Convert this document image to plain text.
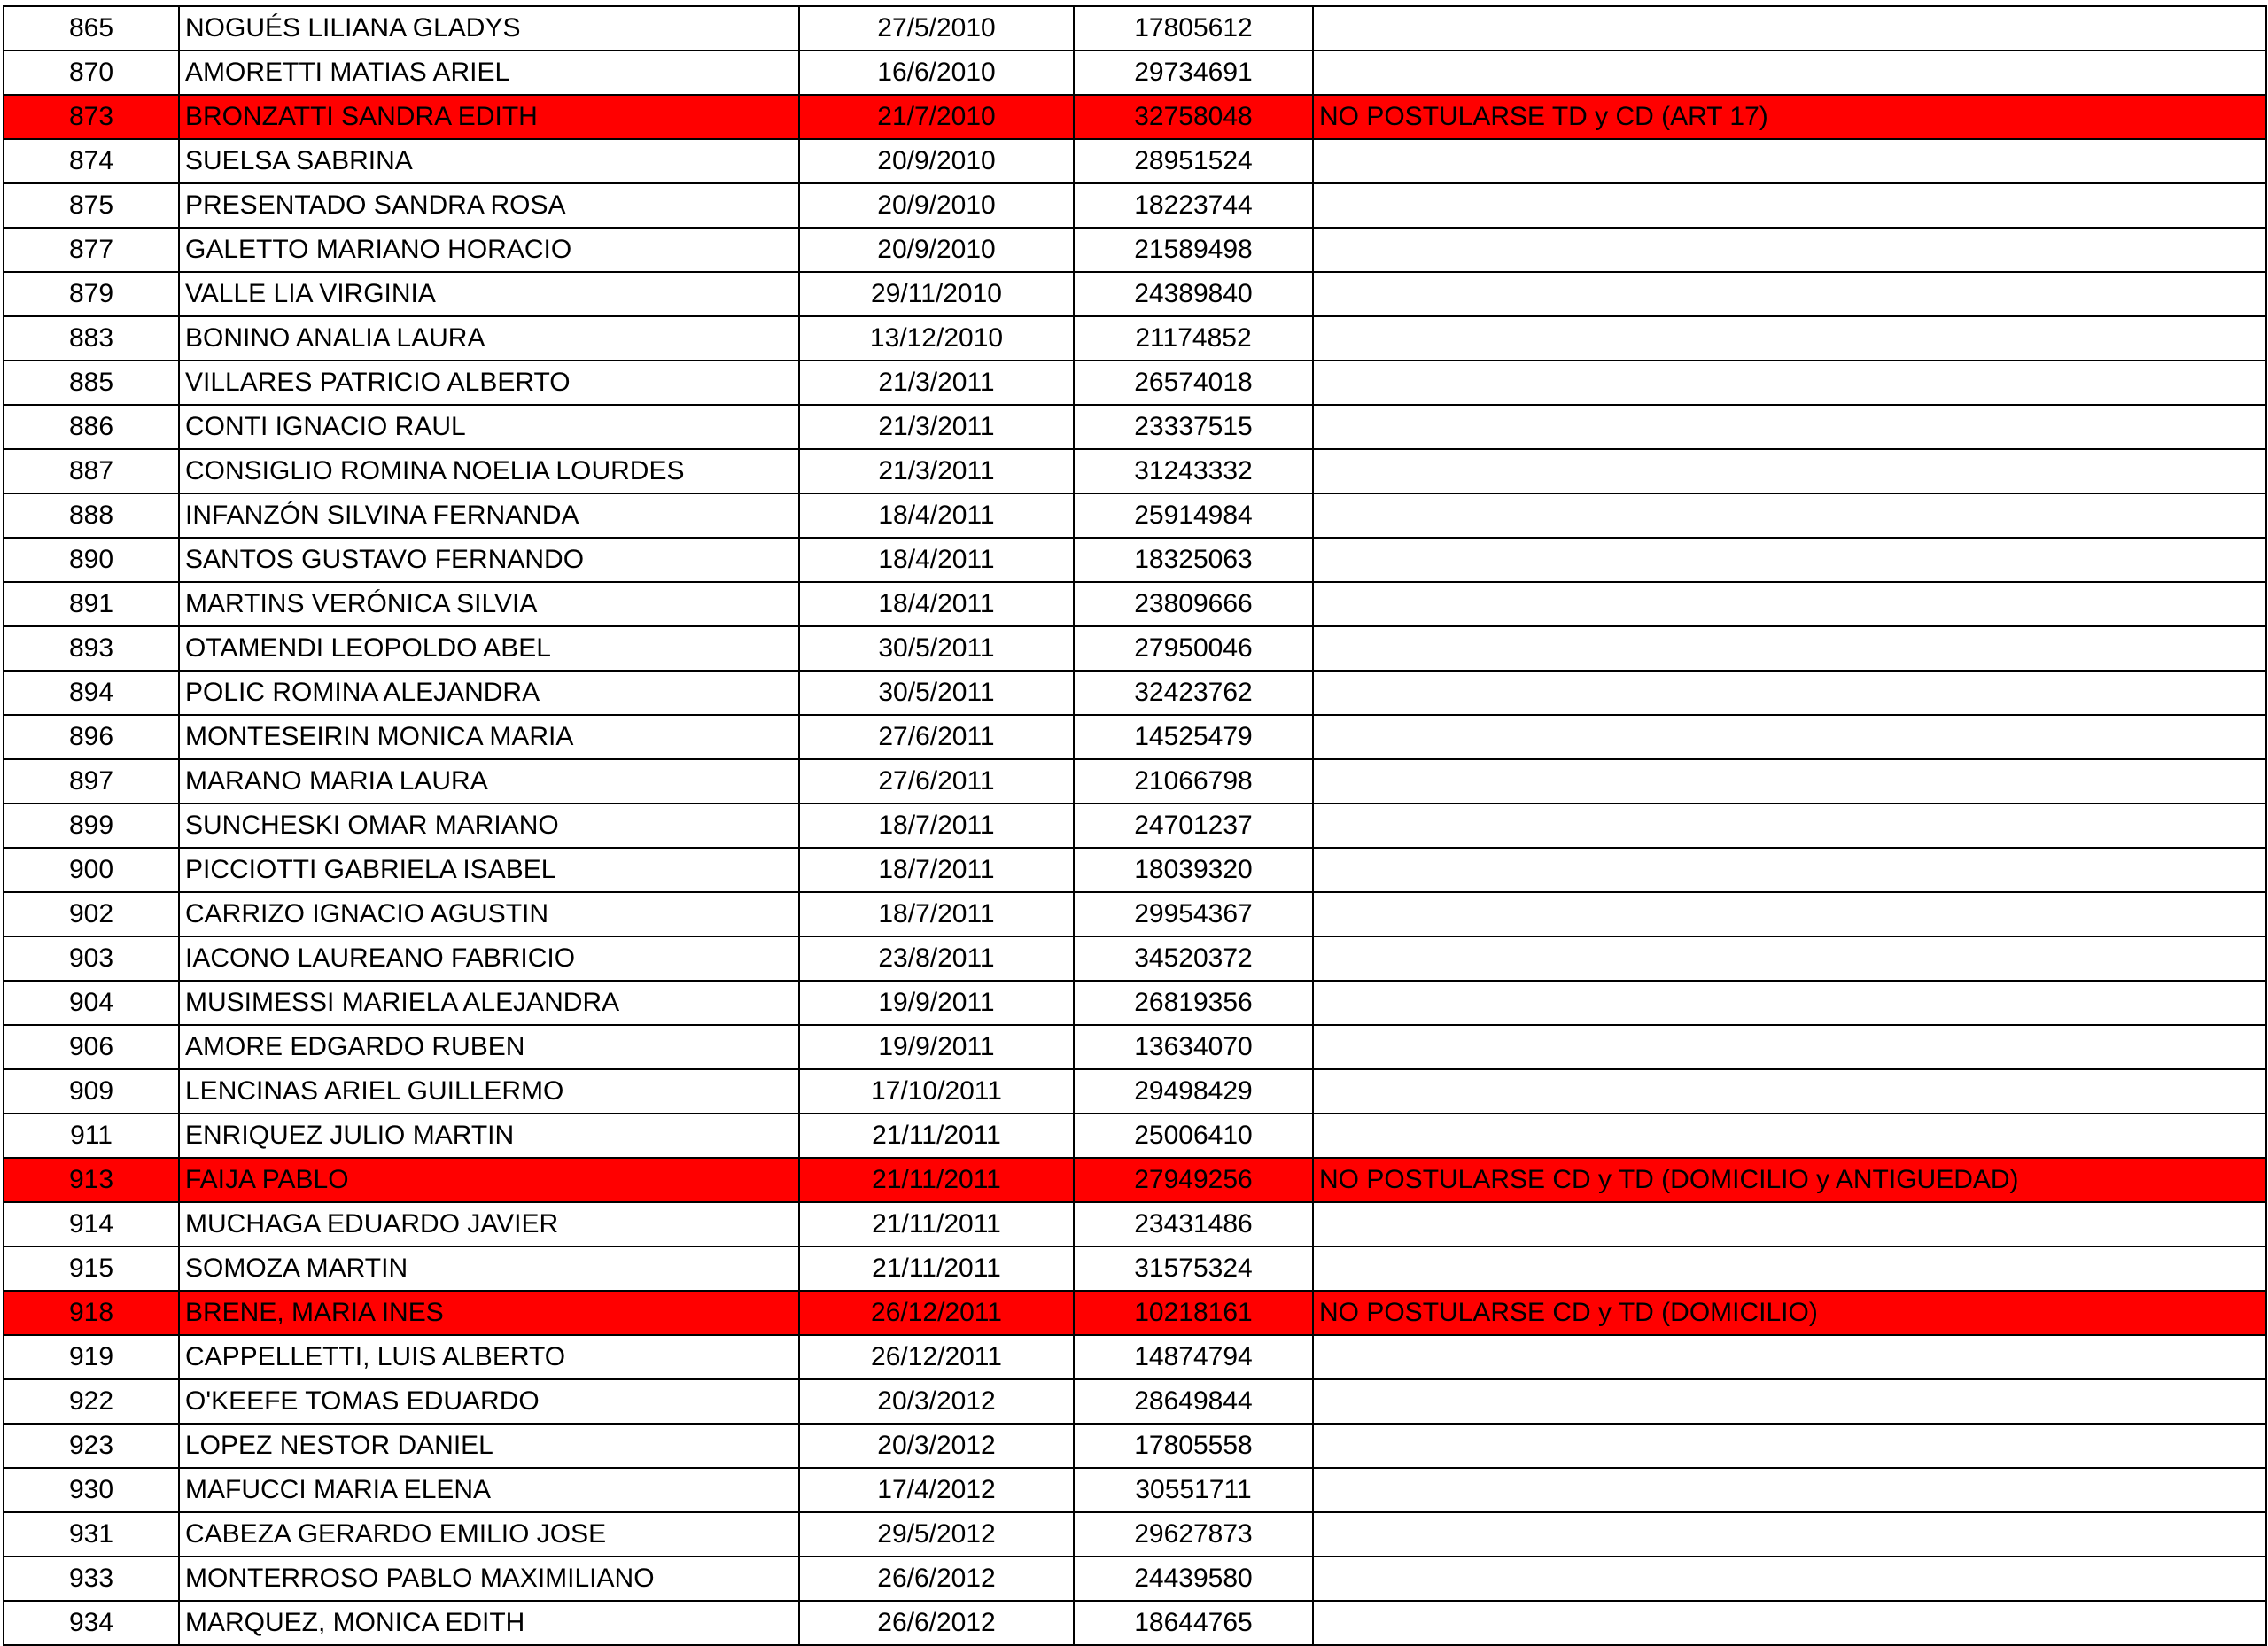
865	NOGUÉS LILIANA GLADYS	27/5/2010	17805612	
870	AMORETTI MATIAS ARIEL	16/6/2010	29734691	
873	BRONZATTI SANDRA EDITH	21/7/2010	32758048	NO POSTULARSE TD y CD (ART 17)
874	SUELSA SABRINA	20/9/2010	28951524	
875	PRESENTADO SANDRA ROSA	20/9/2010	18223744	
877	GALETTO MARIANO HORACIO	20/9/2010	21589498	
879	VALLE LIA VIRGINIA	29/11/2010	24389840	
883	BONINO ANALIA LAURA	13/12/2010	21174852	
885	VILLARES PATRICIO ALBERTO	21/3/2011	26574018	
886	CONTI IGNACIO RAUL	21/3/2011	23337515	
887	CONSIGLIO ROMINA NOELIA LOURDES	21/3/2011	31243332	
888	INFANZÓN SILVINA FERNANDA	18/4/2011	25914984	
890	SANTOS GUSTAVO FERNANDO	18/4/2011	18325063	
891	MARTINS VERÓNICA SILVIA	18/4/2011	23809666	
893	OTAMENDI LEOPOLDO ABEL	30/5/2011	27950046	
894	POLIC ROMINA ALEJANDRA	30/5/2011	32423762	
896	MONTESEIRIN MONICA MARIA	27/6/2011	14525479	
897	MARANO MARIA LAURA	27/6/2011	21066798	
899	SUNCHESKI OMAR MARIANO	18/7/2011	24701237	
900	PICCIOTTI GABRIELA ISABEL	18/7/2011	18039320	
902	CARRIZO IGNACIO AGUSTIN	18/7/2011	29954367	
903	IACONO LAUREANO FABRICIO	23/8/2011	34520372	
904	MUSIMESSI MARIELA ALEJANDRA	19/9/2011	26819356	
906	AMORE EDGARDO RUBEN	19/9/2011	13634070	
909	LENCINAS ARIEL GUILLERMO	17/10/2011	29498429	
911	ENRIQUEZ JULIO MARTIN	21/11/2011	25006410	
913	FAIJA PABLO	21/11/2011	27949256	NO POSTULARSE CD y TD (DOMICILIO y ANTIGUEDAD)
914	MUCHAGA EDUARDO JAVIER	21/11/2011	23431486	
915	SOMOZA MARTIN	21/11/2011	31575324	
918	BRENE, MARIA INES	26/12/2011	10218161	NO POSTULARSE CD y TD (DOMICILIO)
919	CAPPELLETTI, LUIS ALBERTO	26/12/2011	14874794	
922	O'KEEFE TOMAS EDUARDO	20/3/2012	28649844	
923	LOPEZ NESTOR DANIEL	20/3/2012	17805558	
930	MAFUCCI MARIA ELENA	17/4/2012	30551711	
931	CABEZA GERARDO EMILIO JOSE	29/5/2012	29627873	
933	MONTERROSO PABLO MAXIMILIANO	26/6/2012	24439580	
934	MARQUEZ, MONICA EDITH	26/6/2012	18644765	
